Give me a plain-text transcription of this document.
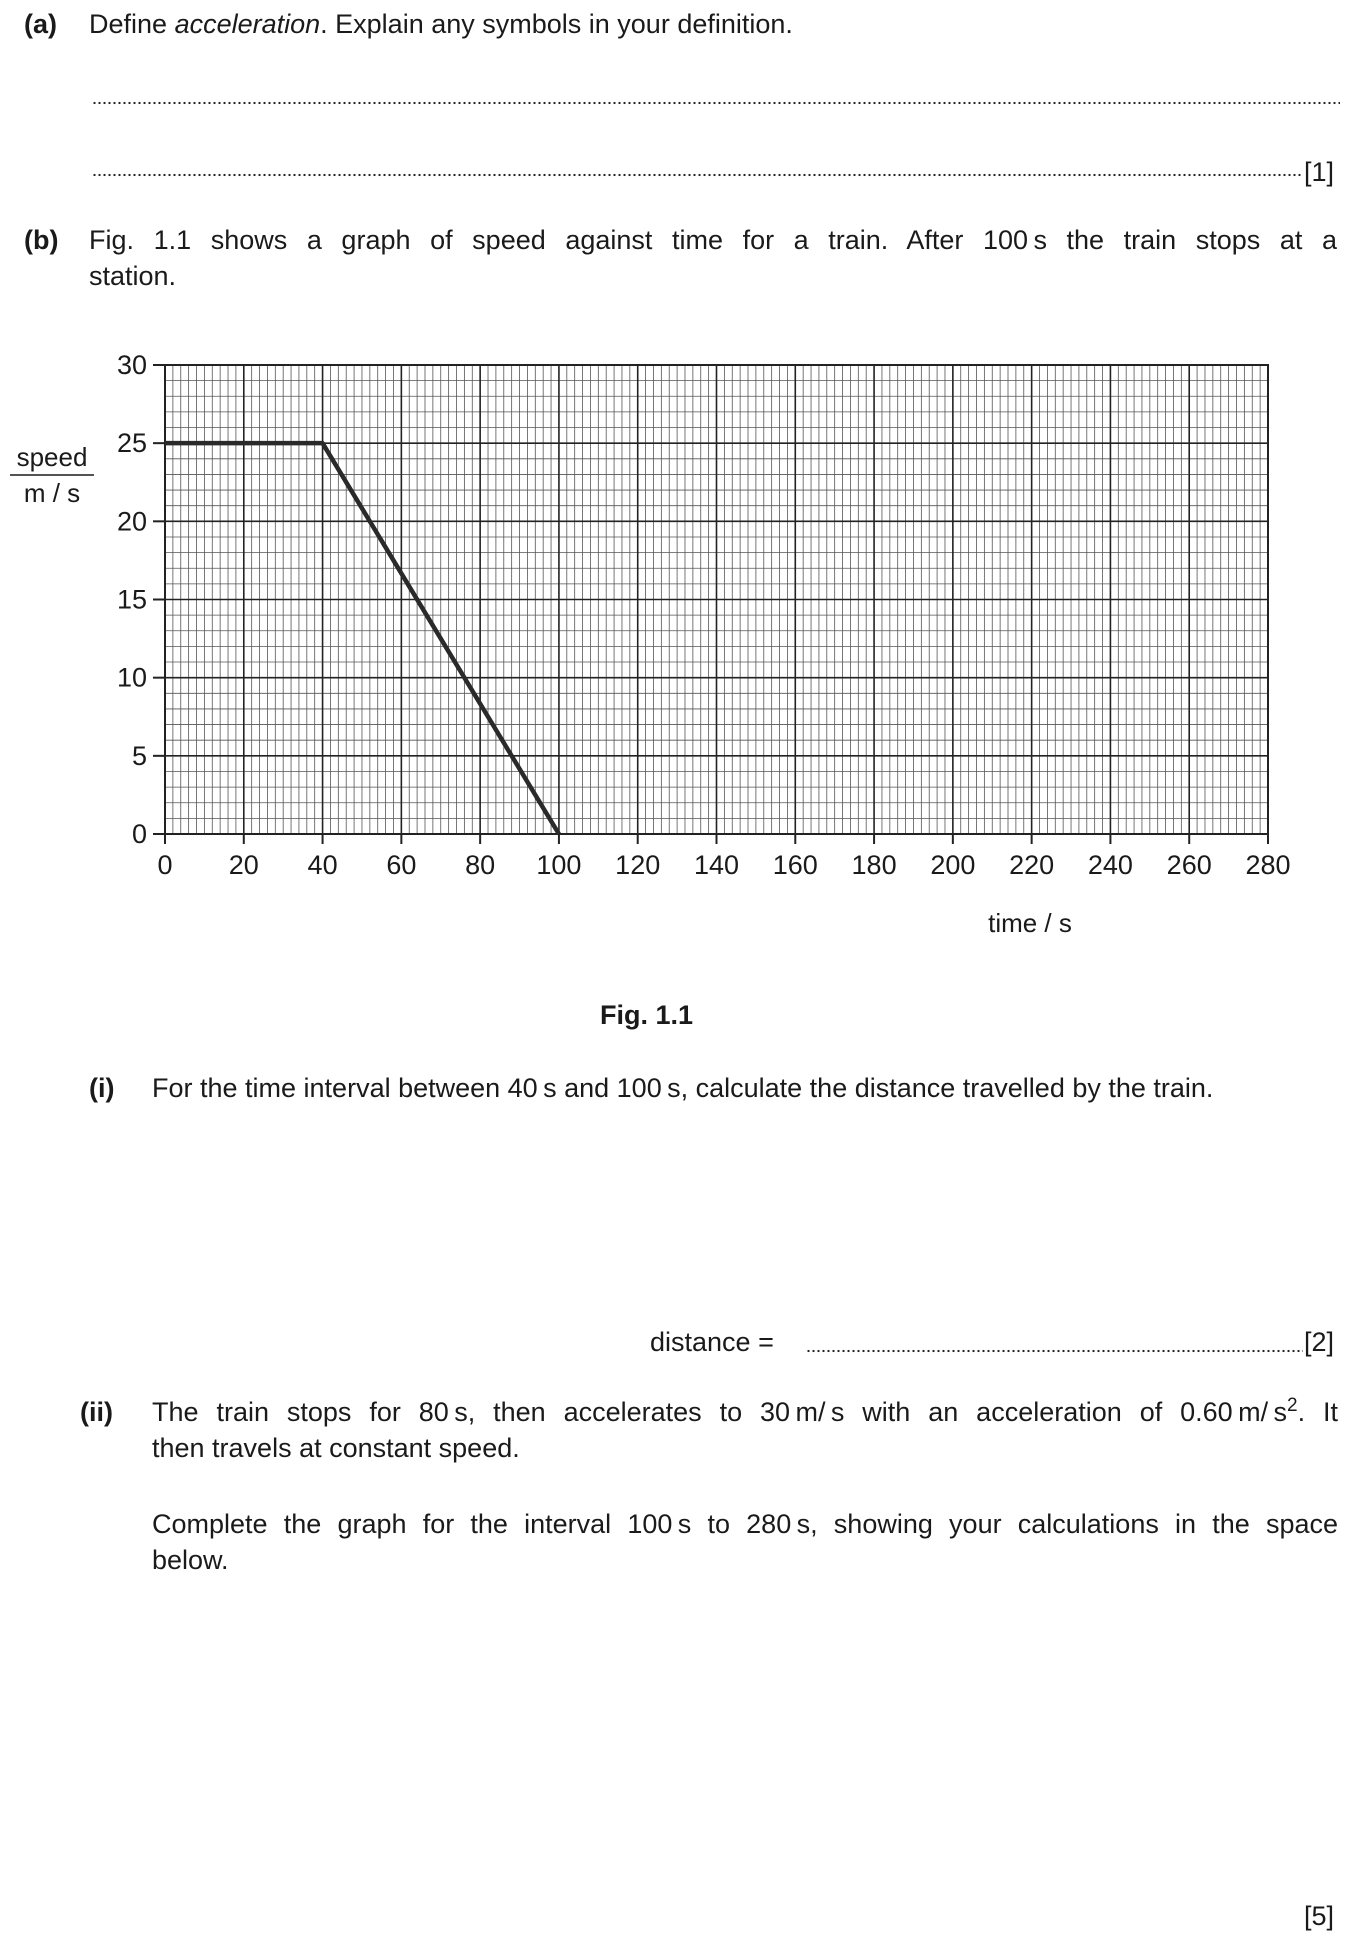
(a) Define acceleration. Explain any symbols in your definition.
[1]
(b) Fig. 1.1 shows a graph of speed against time for a train. After 100 s the train stops at a
station.
0 20 40 60 80 100 120 140 160 180 200 220 240 260 280
0
5
10
15
20
25
30
speed
m / s
time / s
Fig. 1.1
(i) For the time interval between 40 s and 100 s, calculate the distance travelled by the train.
distance =	[2]
(ii) The train stops for 80 s, then accelerates to 30 m/ s with an acceleration of 0.60 m/ $s^2$. It
then travels at constant speed.
Complete the graph for the interval 100 s to 280 s, showing your calculations in the space
below.
[5]
